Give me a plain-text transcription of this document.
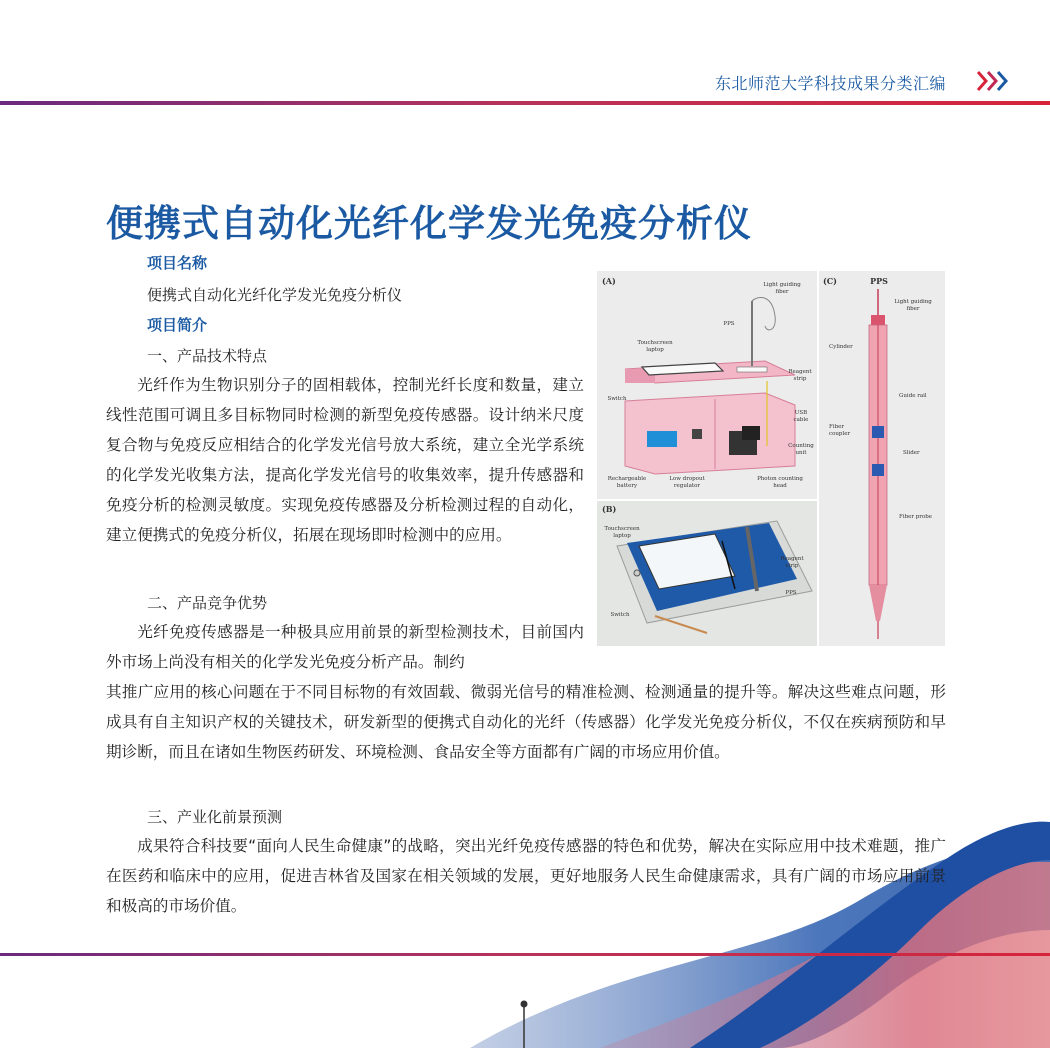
东北师范大学科技成果分类汇编
便携式自动化光纤化学发光免疫分析仪
项目名称
便携式自动化光纤化学发光免疫分析仪
项目简介
一、产品技术特点

光纤作为生物识别分子的固相载体，控制光纤长度和数量，建立线性范围可调且多目标物同时检测的新型免疫传感器。设计纳米尺度复合物与免疫反应相结合的化学发光信号放大系统，建立全光学系统的化学发光收集方法，提高化学发光信号的收集效率，提升传感器和免疫分析的检测灵敏度。实现免疫传感器及分析检测过程的自动化，建立便携式的免疫分析仪，拓展在现场即时检测中的应用。

二、产品竞争优势

光纤免疫传感器是一种极具应用前景的新型检测技术，目前国内外市场上尚没有相关的化学发光免疫分析产品。制约

其推广应用的核心问题在于不同目标物的有效固载、微弱光信号的精准检测、检测通量的提升等。解决这些难点问题，形成具有自主知识产权的关键技术，研发新型的便携式自动化的光纤（传感器）化学发光免疫分析仪，不仅在疾病预防和早期诊断，而且在诸如生物医药研发、环境检测、食品安全等方面都有广阔的市场应用价值。

三、产业化前景预测

成果符合科技要“面向人民生命健康”的战略，突出光纤免疫传感器的特色和优势，解决在实际应用中技术难题，推广在医药和临床中的应用，促进吉林省及国家在相关领域的发展，更好地服务人民生命健康需求，具有广阔的市场应用前景和极高的市场价值。

(A)	Light guiding
fiber
PPS
Touchscreen
laptop
Reagent
strip
Switch
USB
cable
Counting
unit
Rechargeable
battery
Low dropout
regulator
Photon counting
head
(B)
Touchscreen
laptop
Reagent
strip
PPS
Switch
(C)	PPS
Light guiding
fiber
Cylinder
Guide rail
Fiber
coupler
Slider
Fiber probe
